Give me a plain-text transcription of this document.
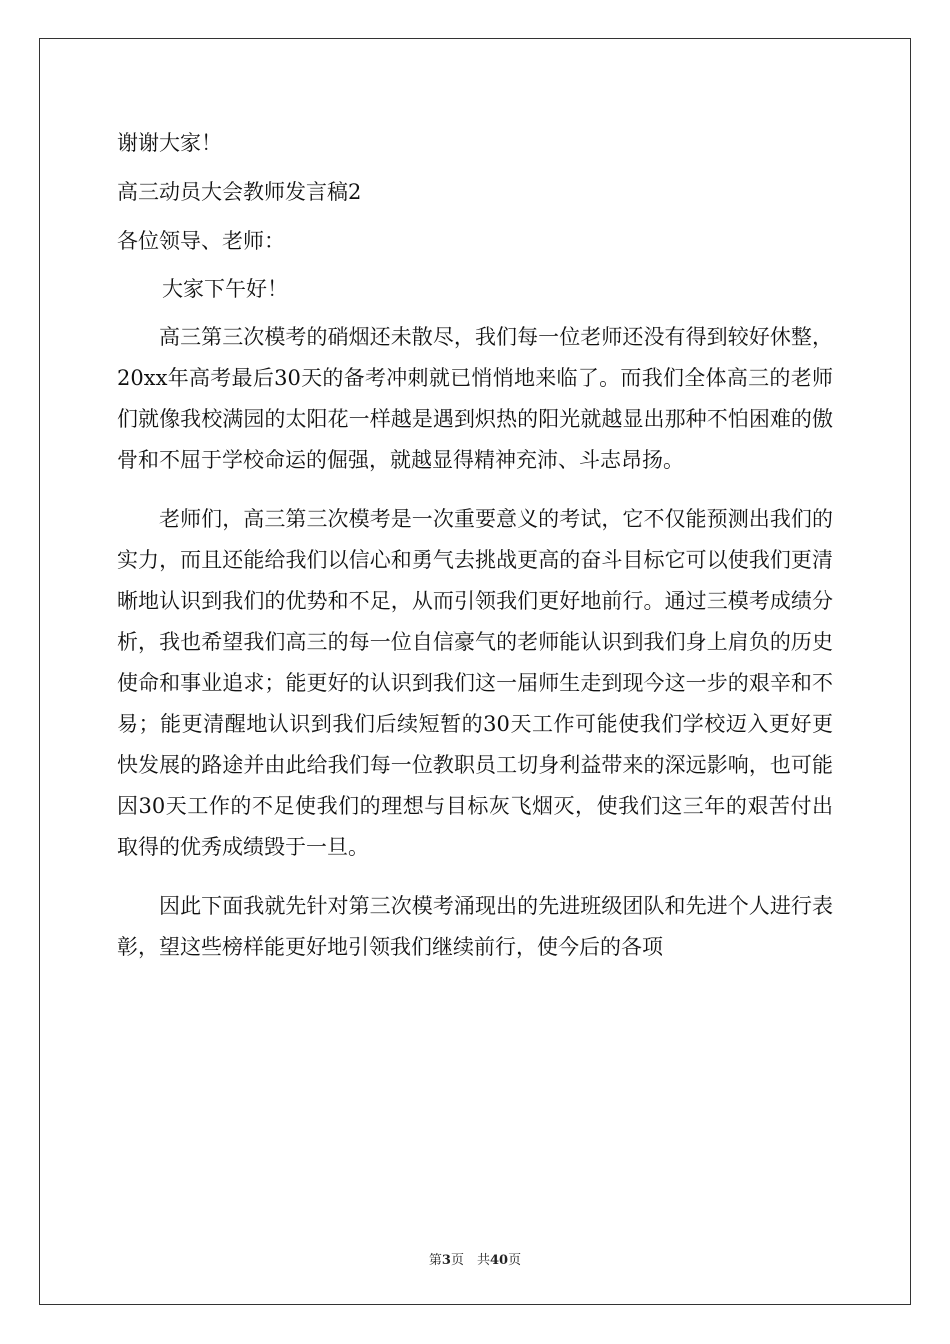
谢谢大家！

高三动员大会教师发言稿2

各位领导、老师：

大家下午好！

高三第三次模考的硝烟还未散尽，我们每一位老师还没有得到较好休整，20xx年高考最后30天的备考冲刺就已悄悄地来临了。而我们全体高三的老师们就像我校满园的太阳花一样越是遇到炽热的阳光就越显出那种不怕困难的傲骨和不屈于学校命运的倔强，就越显得精神充沛、斗志昂扬。

老师们，高三第三次模考是一次重要意义的考试，它不仅能预测出我们的实力，而且还能给我们以信心和勇气去挑战更高的奋斗目标它可以使我们更清晰地认识到我们的优势和不足，从而引领我们更好地前行。通过三模考成绩分析，我也希望我们高三的每一位自信豪气的老师能认识到我们身上肩负的历史使命和事业追求；能更好的认识到我们这一届师生走到现今这一步的艰辛和不易；能更清醒地认识到我们后续短暂的30天工作可能使我们学校迈入更好更快发展的路途并由此给我们每一位教职员工切身利益带来的深远影响，也可能因30天工作的不足使我们的理想与目标灰飞烟灭，使我们这三年的艰苦付出取得的优秀成绩毁于一旦。

因此下面我就先针对第三次模考涌现出的先进班级团队和先进个人进行表彰，望这些榜样能更好地引领我们继续前行，使今后的各项

第3页　共40页
